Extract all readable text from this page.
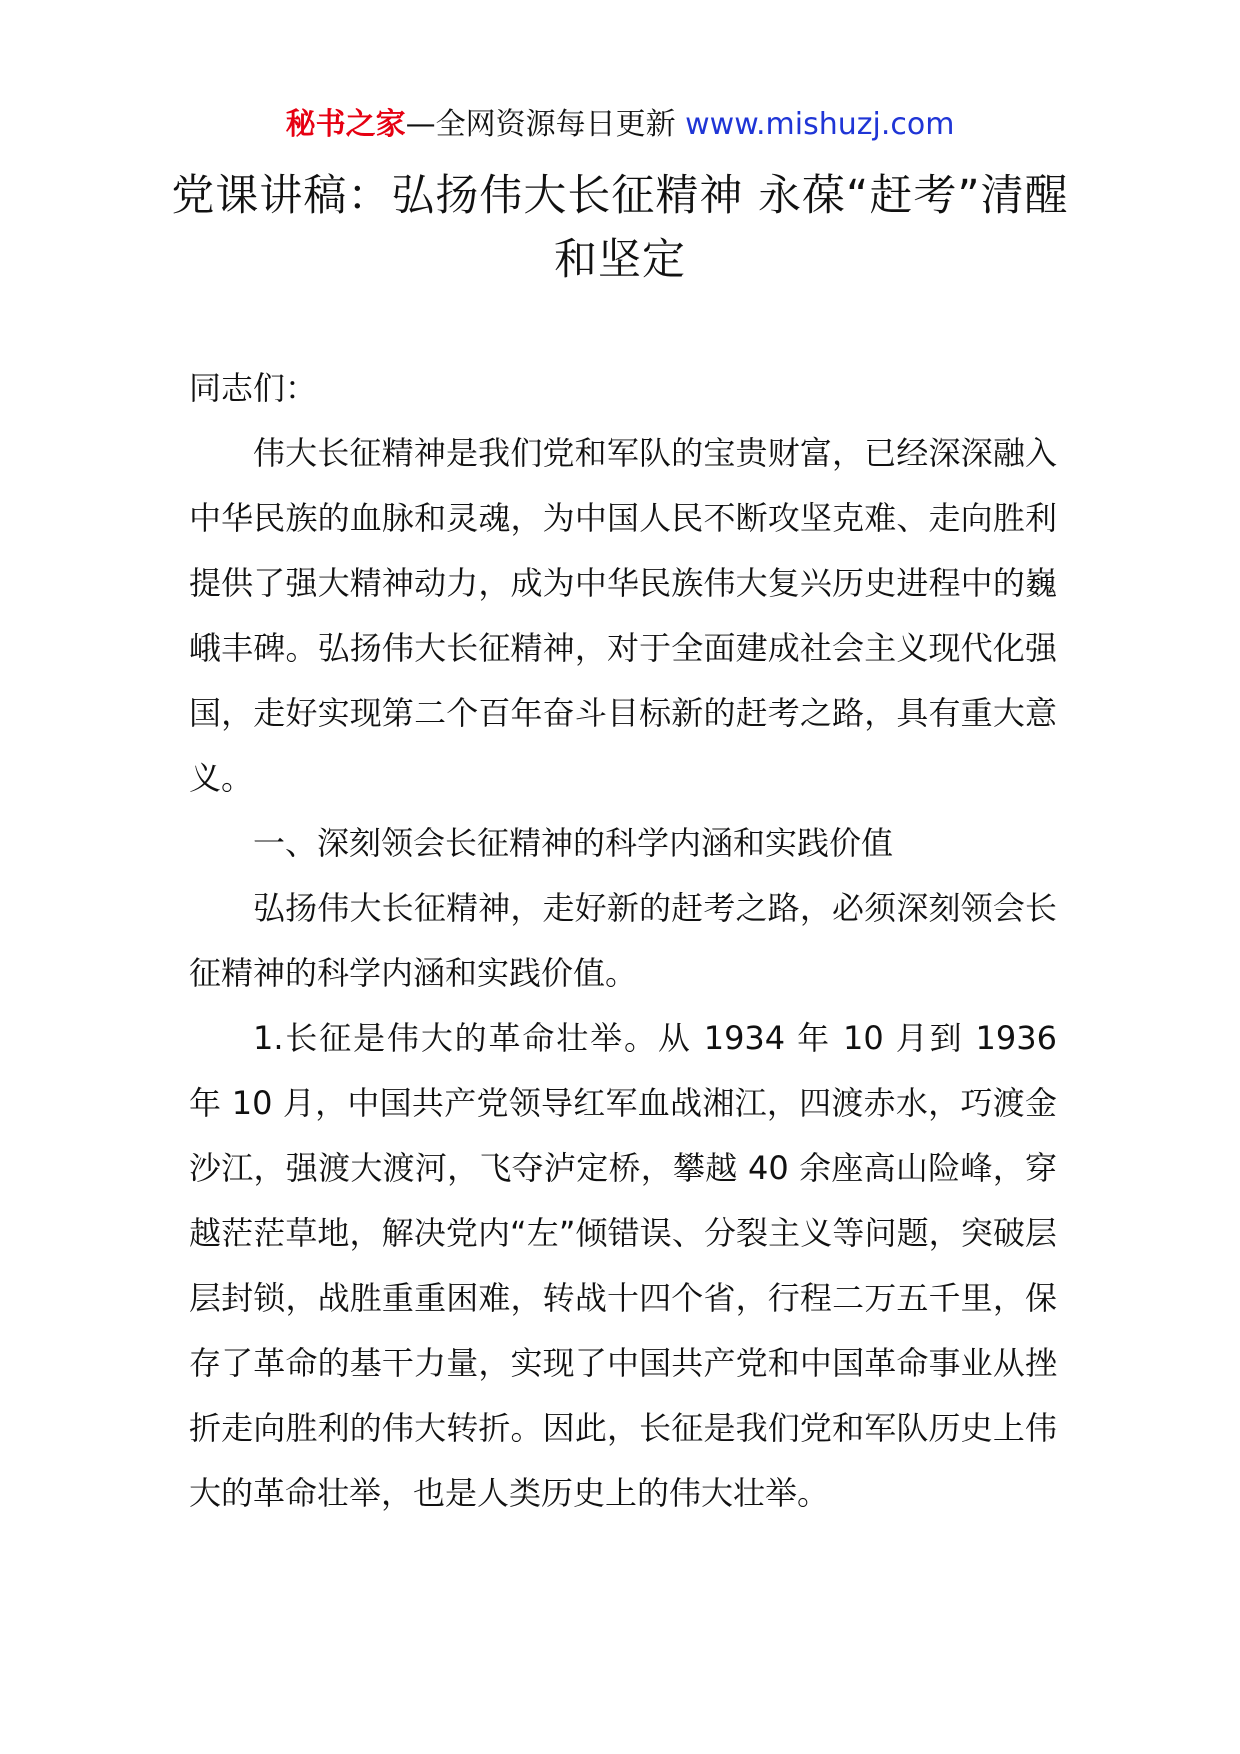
秘书之家—全网资源每日更新 www.mishuzj.com
党课讲稿：弘扬伟大长征精神 永葆“赶考”清醒和坚定

同志们：

伟大长征精神是我们党和军队的宝贵财富，已经深深融入中华民族的血脉和灵魂，为中国人民不断攻坚克难、走向胜利提供了强大精神动力，成为中华民族伟大复兴历史进程中的巍峨丰碑。弘扬伟大长征精神，对于全面建成社会主义现代化强国，走好实现第二个百年奋斗目标新的赶考之路，具有重大意义。

一、深刻领会长征精神的科学内涵和实践价值

弘扬伟大长征精神，走好新的赶考之路，必须深刻领会长征精神的科学内涵和实践价值。

1.长征是伟大的革命壮举。从 1934 年 10 月到 1936 年 10 月，中国共产党领导红军血战湘江，四渡赤水，巧渡金沙江，强渡大渡河，飞夺泸定桥，攀越 40 余座高山险峰，穿越茫茫草地，解决党内“左”倾错误、分裂主义等问题，突破层层封锁，战胜重重困难，转战十四个省，行程二万五千里，保存了革命的基干力量，实现了中国共产党和中国革命事业从挫折走向胜利的伟大转折。因此，长征是我们党和军队历史上伟大的革命壮举，也是人类历史上的伟大壮举。
